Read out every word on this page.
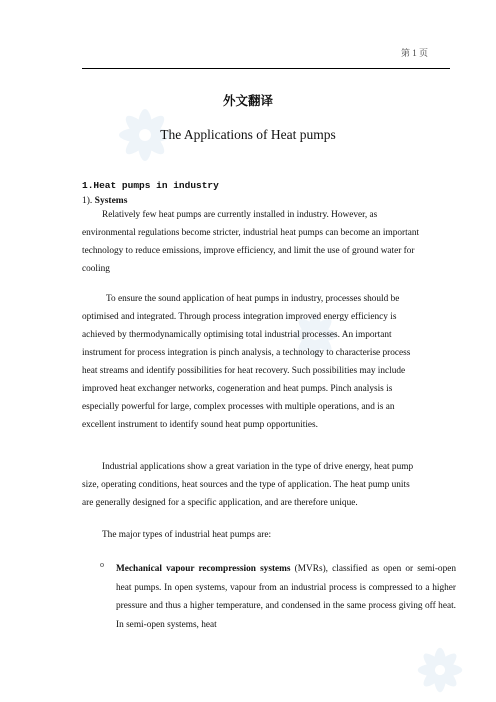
第 1 页
外文翻译
The Applications of Heat pumps
1.Heat pumps in industry
1). Systems
Relatively few heat pumps are currently installed in industry. However, as
environmental regulations become stricter, industrial heat pumps can become an important
technology to reduce emissions, improve efficiency, and limit the use of ground water for
cooling
To ensure the sound application of heat pumps in industry, processes should be
optimised and integrated. Through process integration improved energy efficiency is
achieved by thermodynamically optimising total industrial processes. An important
instrument for process integration is pinch analysis, a technology to characterise process
heat streams and identify possibilities for heat recovery. Such possibilities may include
improved heat exchanger networks, cogeneration and heat pumps. Pinch analysis is
especially powerful for large, complex processes with multiple operations, and is an
excellent instrument to identify sound heat pump opportunities.
Industrial applications show a great variation in the type of drive energy, heat pump
size, operating conditions, heat sources and the type of application. The heat pump units
are generally designed for a specific application, and are therefore unique.
The major types of industrial heat pumps are:
o Mechanical vapour recompression systems (MVRs), classified as open or semi-open heat pumps. In open systems, vapour from an industrial process is compressed to a higher pressure and thus a higher temperature, and condensed in the same process giving off heat. In semi-open systems, heat
